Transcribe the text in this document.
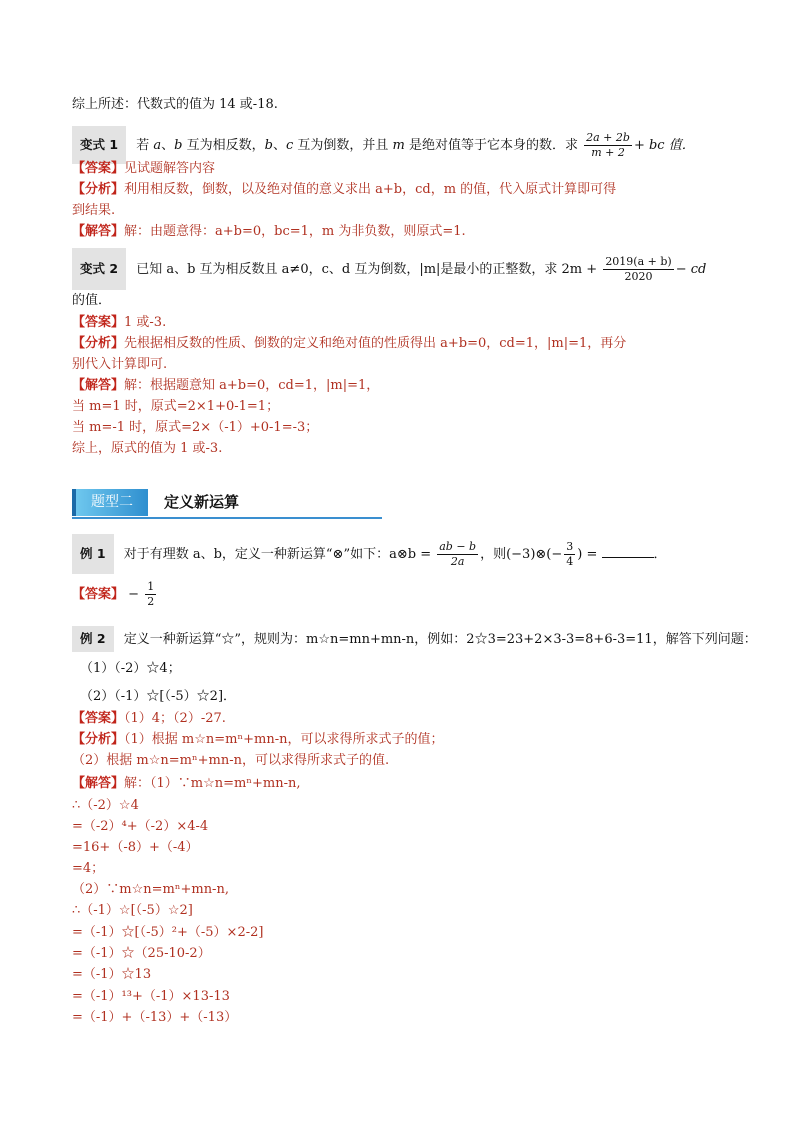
综上所述：代数式的值为 14 或-18.
变式 1 若 a、b 互为相反数，b、c 互为倒数，并且 m 是绝对值等于它本身的数．求 $\frac{2a + 2b}{m + 2}$ + bc 值．
【答案】见试题解答内容
【分析】利用相反数，倒数，以及绝对值的意义求出 a+b，cd，m 的值，代入原式计算即可得
到结果.
【解答】解：由题意得：a+b=0，bc=1，m 为非负数，则原式=1.
变式 2 已知 a、b 互为相反数且 a≠0，c、d 互为倒数，|m|是最小的正整数，求 $2m + \frac{2019(a + b)}{2020}$ − cd
的值．
【答案】1 或-3.
【分析】先根据相反数的性质、倒数的定义和绝对值的性质得出 a+b=0，cd=1，|m|=1，再分
别代入计算即可.
【解答】解：根据题意知 a+b=0，cd=1，|m|=1，
当 m=1 时，原式=2×1+0-1=1；
当 m=-1 时，原式=2×（-1）+0-1=-3；
综上，原式的值为 1 或-3.
题型二	定义新运算
例 1 对于有理数 a、b，定义一种新运算“⊗”如下：a⊗b = $\frac{ab - b}{2a}$ ，则(−3)⊗(− $\frac{3}{4}$ ) =	．
【答案】 − $\frac{1}{2}$
例 2 定义一种新运算“☆”，规则为：m☆n=mn+mn-n，例如：2☆3=23+2×3-3=8+6-3=11，解答下列问题：
（1）（-2）☆4；
（2）（-1）☆[（-5）☆2]．
【答案】（1）4；（2）-27.
【分析】（1）根据 m☆n=mⁿ+mn-n，可以求得所求式子的值；
（2）根据 m☆n=mⁿ+mn-n，可以求得所求式子的值.
【解答】解：（1）∵m☆n=mⁿ+mn-n,
∴（-2）☆4
=（-2）⁴+（-2）×4-4
=16+（-8）+（-4）
=4；
（2）∵m☆n=mⁿ+mn-n,
∴（-1）☆[（-5）☆2]
=（-1）☆[（-5）²+（-5）×2-2]
=（-1）☆（25-10-2）
=（-1）☆13
=（-1）¹³+（-1）×13-13
=（-1）+（-13）+（-13）
